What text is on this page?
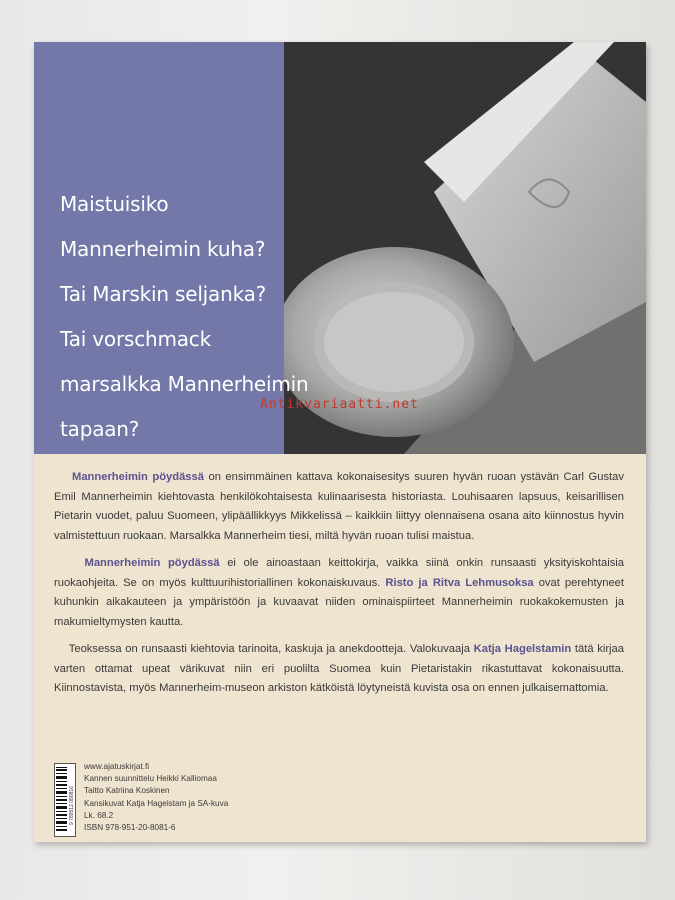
Maistuisiko
Mannerheimin kuha?
Tai Marskin seljanka?
Tai vorschmack
marsalkka Mannerheimin
tapaan?
Antikvariaatti.net

Mannerheimin pöydässä on ensimmäinen kattava kokonaisesitys suuren hyvän ruoan ystävän Carl Gustav Emil Mannerheimin kiehtovasta henkilökohtaisesta kulinaarisesta historiasta. Louhisaaren lapsuus, keisarillisen Pietarin vuodet, paluu Suomeen, ylipäällikkyys Mikkelissä – kaikkiin liittyy olennaisena osana aito kiinnostus hyvin valmistettuun ruokaan. Marsalkka Mannerheim tiesi, miltä hyvän ruoan tulisi maistua.

Mannerheimin pöydässä ei ole ainoastaan keittokirja, vaikka siinä onkin runsaasti yksityiskohtaisia ruokaohjeita. Se on myös kulttuurihistoriallinen kokonaiskuvaus. Risto ja Ritva Lehmusoksa ovat perehtyneet kuhunkin aikakauteen ja ympäristöön ja kuvaavat niiden ominaispiirteet Mannerheimin ruokakokemusten ja makumieltymysten kautta.

Teoksessa on runsaasti kiehtovia tarinoita, kaskuja ja anekdootteja. Valokuvaaja Katja Hagelstamin tätä kirjaa varten ottamat upeat värikuvat niin eri puolilta Suomea kuin Pietaristakin rikastuttavat kokonaisuutta. Kiinnostavista, myös Mannerheim-museon arkiston kätköistä löytyneistä kuvista osa on ennen julkaisemattomia.

9 789512 080816
www.ajatuskirjat.fi
Kannen suunnittelu Heikki Kalliomaa
Taitto Katriina Koskinen
Kansikuvat Katja Hagelstam ja SA-kuva
Lk. 68.2
ISBN 978-951-20-8081-6
